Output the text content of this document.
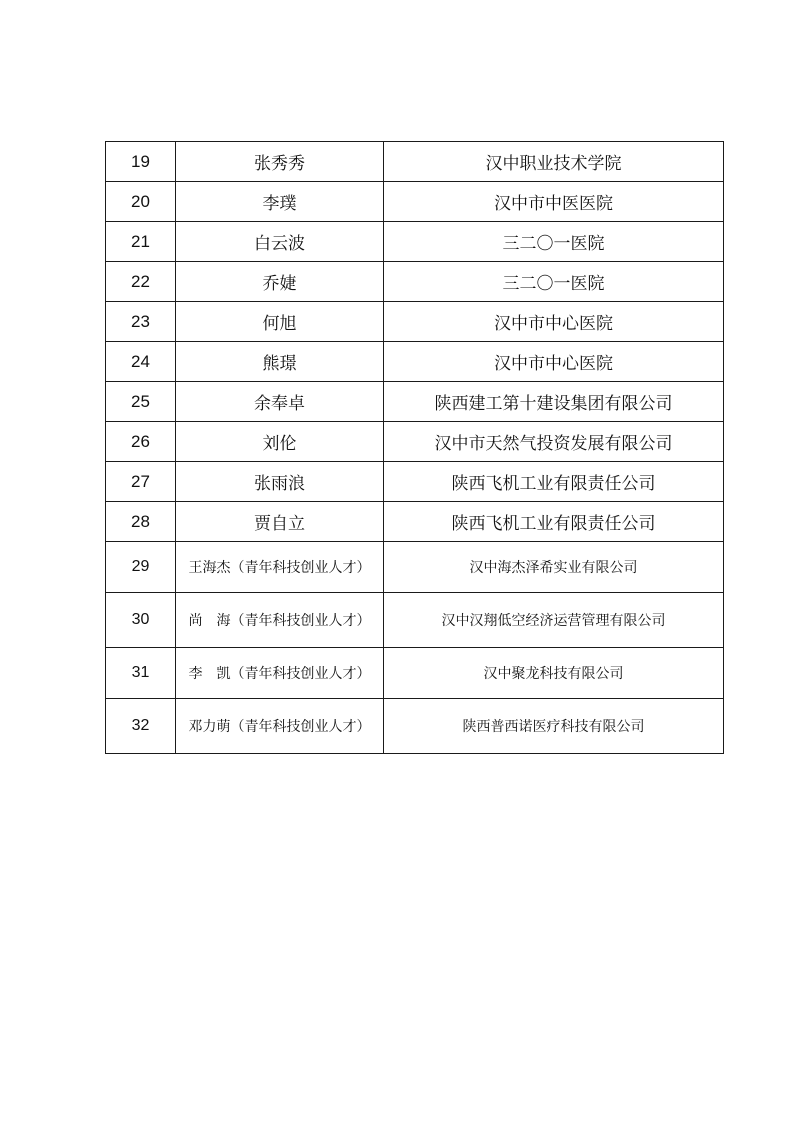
19	张秀秀	汉中职业技术学院
20	李璞	汉中市中医医院
21	白云波	三二〇一医院
22	乔婕	三二〇一医院
23	何旭	汉中市中心医院
24	熊璟	汉中市中心医院
25	余奉卓	陕西建工第十建设集团有限公司
26	刘伦	汉中市天然气投资发展有限公司
27	张雨浪	陕西飞机工业有限责任公司
28	贾自立	陕西飞机工业有限责任公司
29	王海杰（青年科技创业人才）	汉中海杰泽希实业有限公司
30	尚　海（青年科技创业人才）	汉中汉翔低空经济运营管理有限公司
31	李　凯（青年科技创业人才）	汉中聚龙科技有限公司
32	邓力萌（青年科技创业人才）	陕西普西诺医疗科技有限公司
